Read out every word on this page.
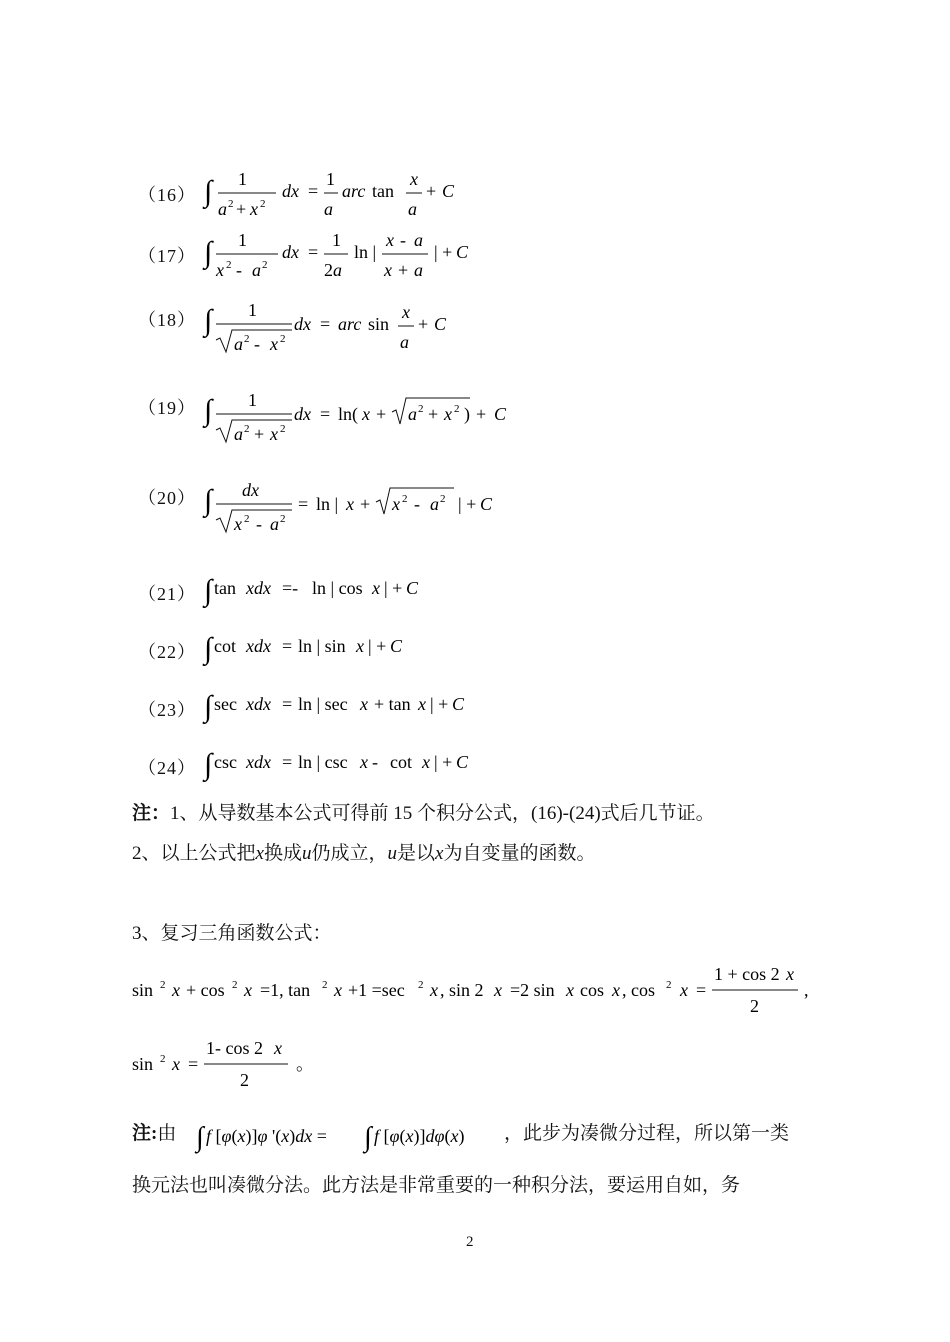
（16） ∫ 1
a 2 + x 2
dx =
1
a
arc tan
x
a
+ C
（17） ∫ 1
x 2 - a 2
dx =
1
2a
ln |
x - a
x + a
| + C
（18） ∫ 1
a 2 - x 2
dx = arc sin
x
a
+ C
（19） ∫ 1
a 2 + x 2
dx = ln( x + a 2 + x 2 ) + C
（20） ∫ dx
x 2 - a 2
= ln | x + x 2 - a 2 | + C
（21） ∫ tan xdx =- ln | cos x | + C
（22） ∫ cot xdx = ln | sin x | + C
（23） ∫ sec xdx = ln | sec x + tan x | + C
（24） ∫ csc xdx = ln | csc x - cot x | + C
注：1、从导数基本公式可得前 15 个积分公式，(16)-(24)式后几节证。
2、以上公式把x换成u仍成立，u是以x为自变量的函数。
3、复习三角函数公式：
sin 2 x + cos 2 x =1, tan 2 x +1 =sec 2 x , sin 2 x =2 sin x cos x , cos 2 x =
1 + cos 2 x
2
,
sin 2 x =
1- cos 2 x
2
。
注:由 ∫ f [φ(x)]φ '(x)dx = ∫ f [φ(x)]dφ(x) ，此步为凑微分过程，所以第一类
换元法也叫凑微分法。此方法是非常重要的一种积分法，要运用自如，务
2
